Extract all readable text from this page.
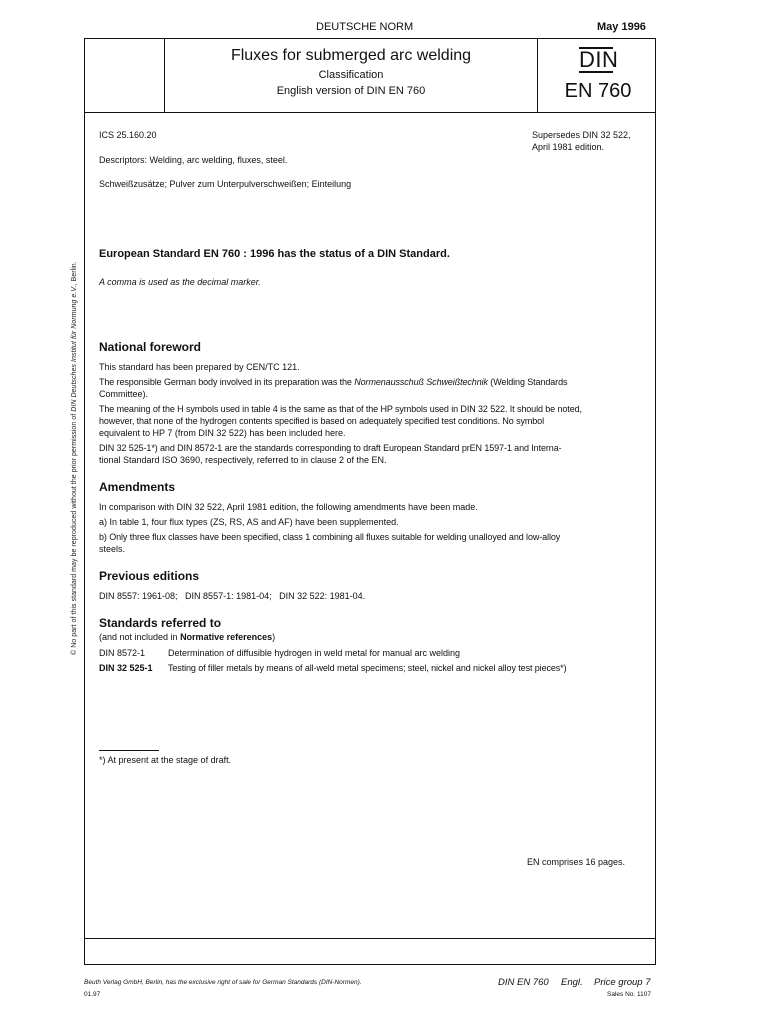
© No part of this standard may be reproduced without the prior permission of DIN Deutsches Institut für Normung e.V., Berlin.
DEUTSCHE NORM	May 1996
Fluxes for submerged arc welding
Classification
English version of DIN EN 760
DIN
EN 760
ICS 25.160.20	Supersedes DIN 32 522,
April 1981 edition.
Descriptors: Welding, arc welding, fluxes, steel.
Schweißzusätze; Pulver zum Unterpulverschweißen; Einteilung
European Standard EN 760 : 1996 has the status of a DIN Standard.
A comma is used as the decimal marker.
National foreword
This standard has been prepared by CEN/TC 121.
The responsible German body involved in its preparation was the Normenausschuß Schweißtechnik (Welding Standards
Committee).
The meaning of the H symbols used in table 4 is the same as that of the HP symbols used in DIN 32 522. It should be noted,
however, that none of the hydrogen contents specified is based on adequately specified test conditions. No symbol
equivalent to HP 7 (from DIN 32 522) has been included here.
DIN 32 525-1*) and DIN 8572-1 are the standards corresponding to draft European Standard prEN 1597-1 and Interna-
tional Standard ISO 3690, respectively, referred to in clause 2 of the EN.
Amendments
In comparison with DIN 32 522, April 1981 edition, the following amendments have been made.
a) In table 1, four flux types (ZS, RS, AS and AF) have been supplemented.
b) Only three flux classes have been specified, class 1 combining all fluxes suitable for welding unalloyed and low-alloy
steels.
Previous editions
DIN 8557: 1961-08;   DIN 8557-1: 1981-04;   DIN 32 522: 1981-04.
Standards referred to
(and not included in Normative references)
DIN 8572-1	Determination of diffusible hydrogen in weld metal for manual arc welding
DIN 32 525-1 Testing of filler metals by means of all-weld metal specimens; steel, nickel and nickel alloy test pieces*)
*) At present at the stage of draft.
EN comprises 16 pages.
Beuth Verlag GmbH, Berlin, has the exclusive right of sale for German Standards (DIN-Normen).
01.97
DIN EN 760 Engl. Price group 7
Sales No. 1107
